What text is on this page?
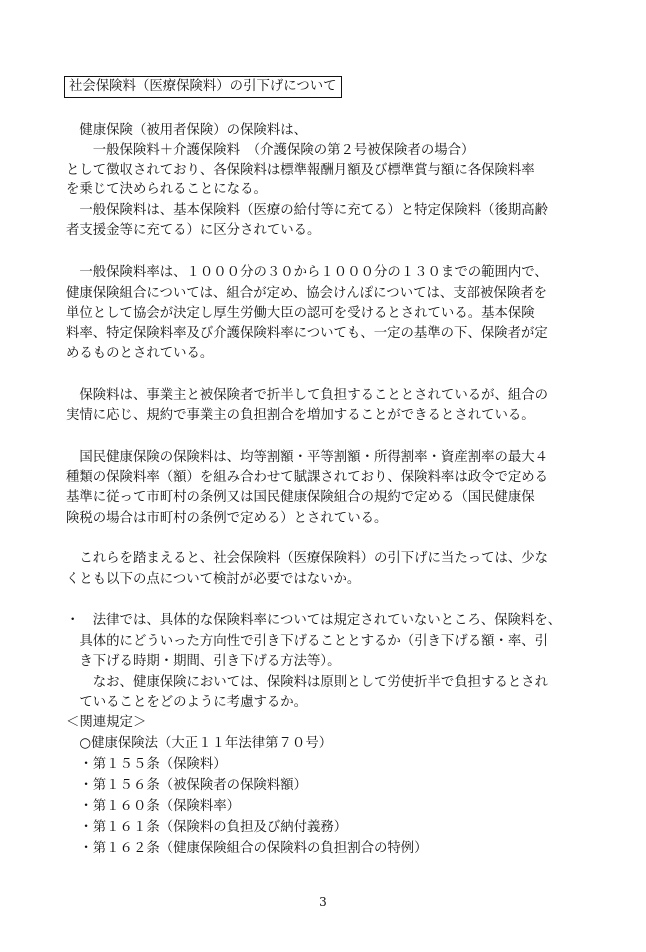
社会保険料（医療保険料）の引下げについて
　健康保険（被用者保険）の保険料は、
　　一般保険料＋介護保険料　（介護保険の第２号被保険者の場合）
として徴収されており、各保険料は標準報酬月額及び標準賞与額に各保険料率
を乗じて決められることになる。
　一般保険料は、基本保険料（医療の給付等に充てる）と特定保険料（後期高齢
者支援金等に充てる）に区分されている。
　一般保険料率は、１０００分の３０から１０００分の１３０までの範囲内で、
健康保険組合については、組合が定め、協会けんぽについては、支部被保険者を
単位として協会が決定し厚生労働大臣の認可を受けるとされている。基本保険
料率、特定保険料率及び介護保険料率についても、一定の基準の下、保険者が定
めるものとされている。
　保険料は、事業主と被保険者で折半して負担することとされているが、組合の
実情に応じ、規約で事業主の負担割合を増加することができるとされている。
　国民健康保険の保険料は、均等割額・平等割額・所得割率・資産割率の最大４
種類の保険料率（額）を組み合わせて賦課されており、保険料率は政令で定める
基準に従って市町村の条例又は国民健康保険組合の規約で定める（国民健康保
険税の場合は市町村の条例で定める）とされている。
　これらを踏まえると、社会保険料（医療保険料）の引下げに当たっては、少な
くとも以下の点について検討が必要ではないか。
・　法律では、具体的な保険料率については規定されていないところ、保険料を、
　具体的にどういった方向性で引き下げることとするか（引き下げる額・率、引
　き下げる時期・期間、引き下げる方法等）。
　　なお、健康保険においては、保険料は原則として労使折半で負担するとされ
　ていることをどのように考慮するか。
＜関連規定＞
　○健康保険法（大正１１年法律第７０号）
　・第１５５条（保険料）
　・第１５６条（被保険者の保険料額）
　・第１６０条（保険料率）
　・第１６１条（保険料の負担及び納付義務）
　・第１６２条（健康保険組合の保険料の負担割合の特例）
3
